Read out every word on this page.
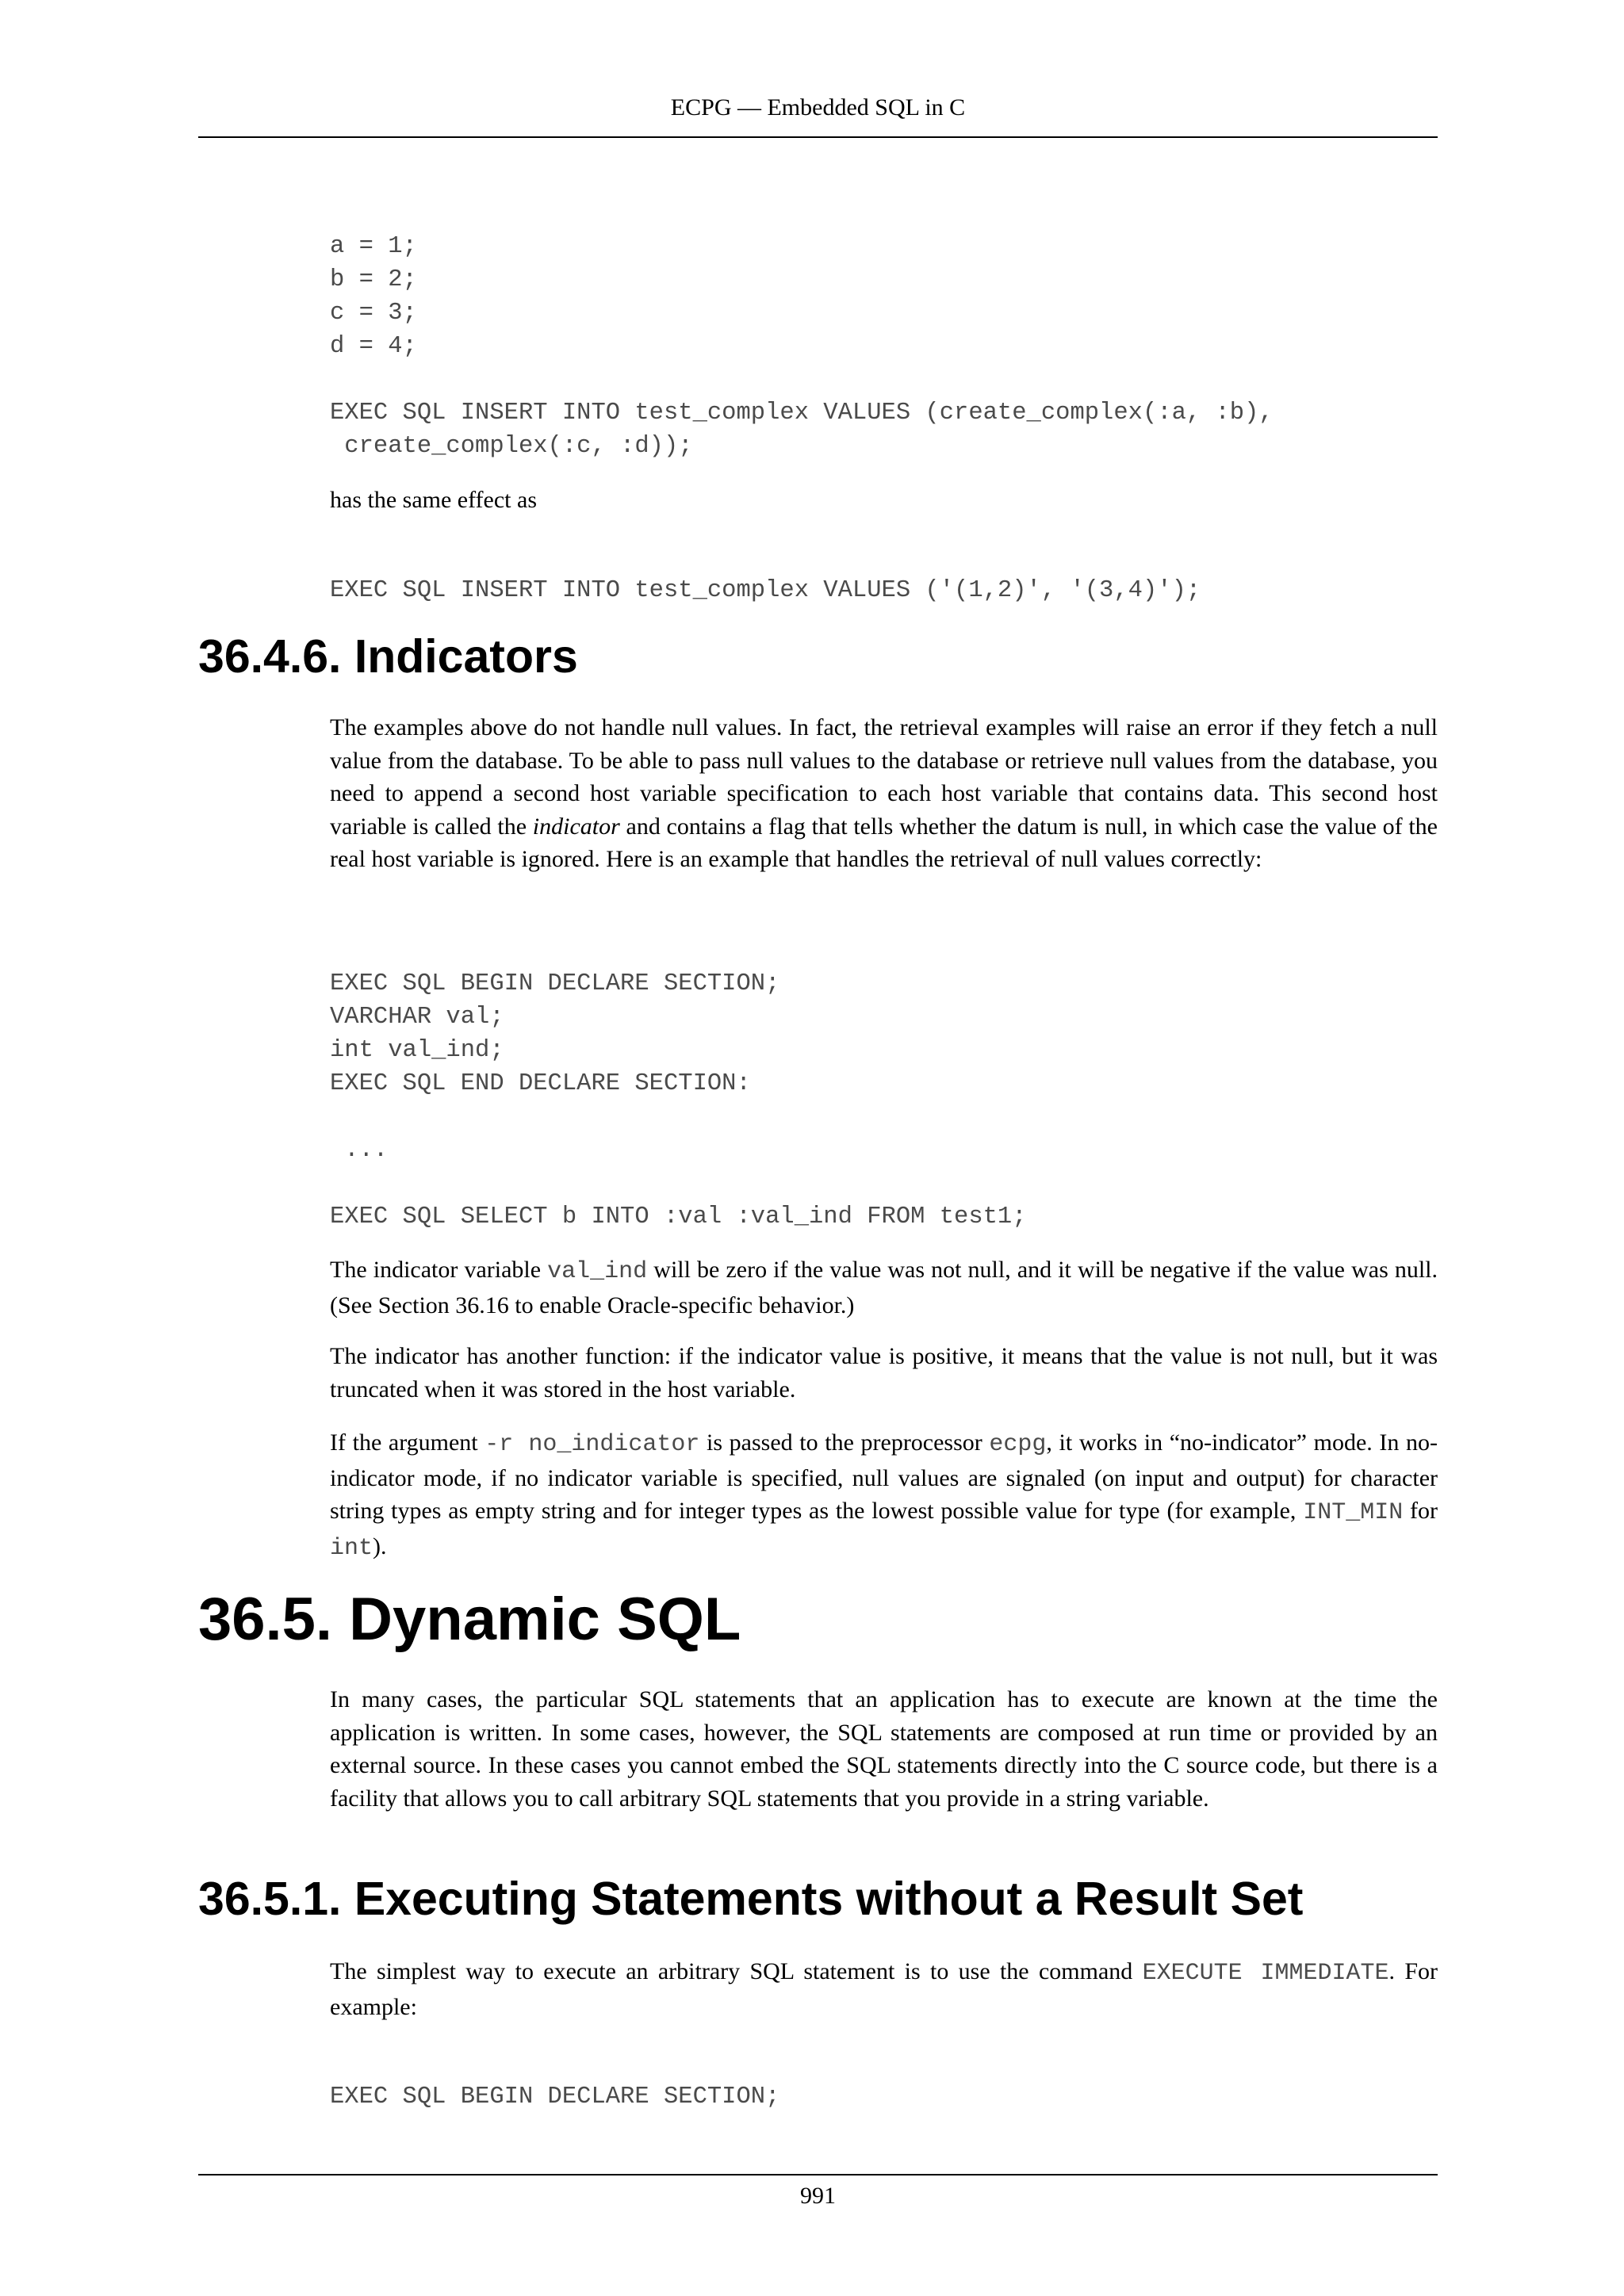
ECPG — Embedded SQL in C
a = 1;
b = 2;
c = 3;
d = 4;

EXEC SQL INSERT INTO test_complex VALUES (create_complex(:a, :b),
create_complex(:c, :d));

has the same effect as

EXEC SQL INSERT INTO test_complex VALUES ('(1,2)', '(3,4)');
36.4.6. Indicators

The examples above do not handle null values. In fact, the retrieval examples will raise an error if they fetch a null value from the database. To be able to pass null values to the database or retrieve null values from the database, you need to append a second host variable specification to each host variable that contains data. This second host variable is called the indicator and contains a flag that tells whether the datum is null, in which case the value of the real host variable is ignored. Here is an example that handles the retrieval of null values correctly:

EXEC SQL BEGIN DECLARE SECTION;
VARCHAR val;
int val_ind;
EXEC SQL END DECLARE SECTION:

...

EXEC SQL SELECT b INTO :val :val_ind FROM test1;

The indicator variable val_ind will be zero if the value was not null, and it will be negative if the value was null. (See Section 36.16 to enable Oracle-specific behavior.)

The indicator has another function: if the indicator value is positive, it means that the value is not null, but it was truncated when it was stored in the host variable.

If the argument -r no_indicator is passed to the preprocessor ecpg, it works in “no-indicator” mode. In no-indicator mode, if no indicator variable is specified, null values are signaled (on input and output) for character string types as empty string and for integer types as the lowest possible value for type (for example, INT_MIN for int).

36.5. Dynamic SQL

In many cases, the particular SQL statements that an application has to execute are known at the time the application is written. In some cases, however, the SQL statements are composed at run time or provided by an external source. In these cases you cannot embed the SQL statements directly into the C source code, but there is a facility that allows you to call arbitrary SQL statements that you provide in a string variable.

36.5.1. Executing Statements without a Result Set

The simplest way to execute an arbitrary SQL statement is to use the command EXECUTE IMMEDIATE. For example:

EXEC SQL BEGIN DECLARE SECTION;
991
